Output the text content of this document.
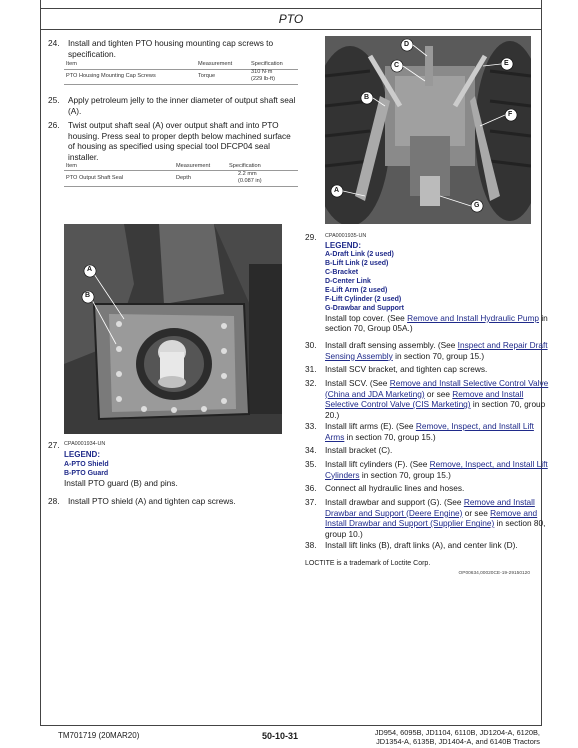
PTO
24. Install and tighten PTO housing mounting cap screws to
specification.
Item	Measurement	Specification
PTO Housing Mounting Cap Screws	Torque
310 N·m
(229 lb-ft)
25. Apply petroleum jelly to the inner diameter of output shaft seal
(A).
26. Twist output shaft seal (A) over output shaft and into PTO
housing. Press seal to proper depth below machined surface
of housing as specified using special tool DFCP04 seal
installer.
Item	Measurement	Specification
PTO Output Shaft Seal	Depth
2.2 mm
(0.087 in)
A
B
27. CPA0001934-UN
LEGEND:
A-PTO Shield
B-PTO Guard
Install PTO guard (B) and pins.
28. Install PTO shield (A) and tighten cap screws.
A
B
C
D
E
F
G
29. CPA0001935-UN
LEGEND:
A-Draft Link (2 used)
B-Lift Link (2 used)
C-Bracket
D-Center Link
E-Lift Arm (2 used)
F-Lift Cylinder (2 used)
G-Drawbar and Support
Install top cover. (See Remove and Install Hydraulic Pump in
section 70, Group 05A.)
30. Install draft sensing assembly. (See Inspect and Repair Draft
Sensing Assembly in section 70, group 15.)
31. Install SCV bracket, and tighten cap screws.
32. Install SCV. (See Remove and Install Selective Control Valve
(China and JDA Marketing) or see Remove and Install
Selective Control Valve (CIS Marketing) in section 70, group
20.)
33. Install lift arms (E). (See Remove, Inspect, and Install Lift
Arms in section 70, group 15.)
34. Install bracket (C).
35. Install lift cylinders (F). (See Remove, Inspect, and Install Lift
Cylinders in section 70, group 15.)
36. Connect all hydraulic lines and hoses.
37. Install drawbar and support (G). (See Remove and Install
Drawbar and Support (Deere Engine) or see Remove and
Install Drawbar and Support (Supplier Engine) in section 80,
group 10.)
38. Install lift links (B), draft links (A), and center link (D).
LOCTITE is a trademark of Loctite Corp.
OP00634,00020CE-19-29150120
TM701719 (20MAR20)	50-10-31	JD954, 6095B, JD1104, 6110B, JD1204-A, 6120B,
JD1354-A, 6135B, JD1404-A, and 6140B Tractors
